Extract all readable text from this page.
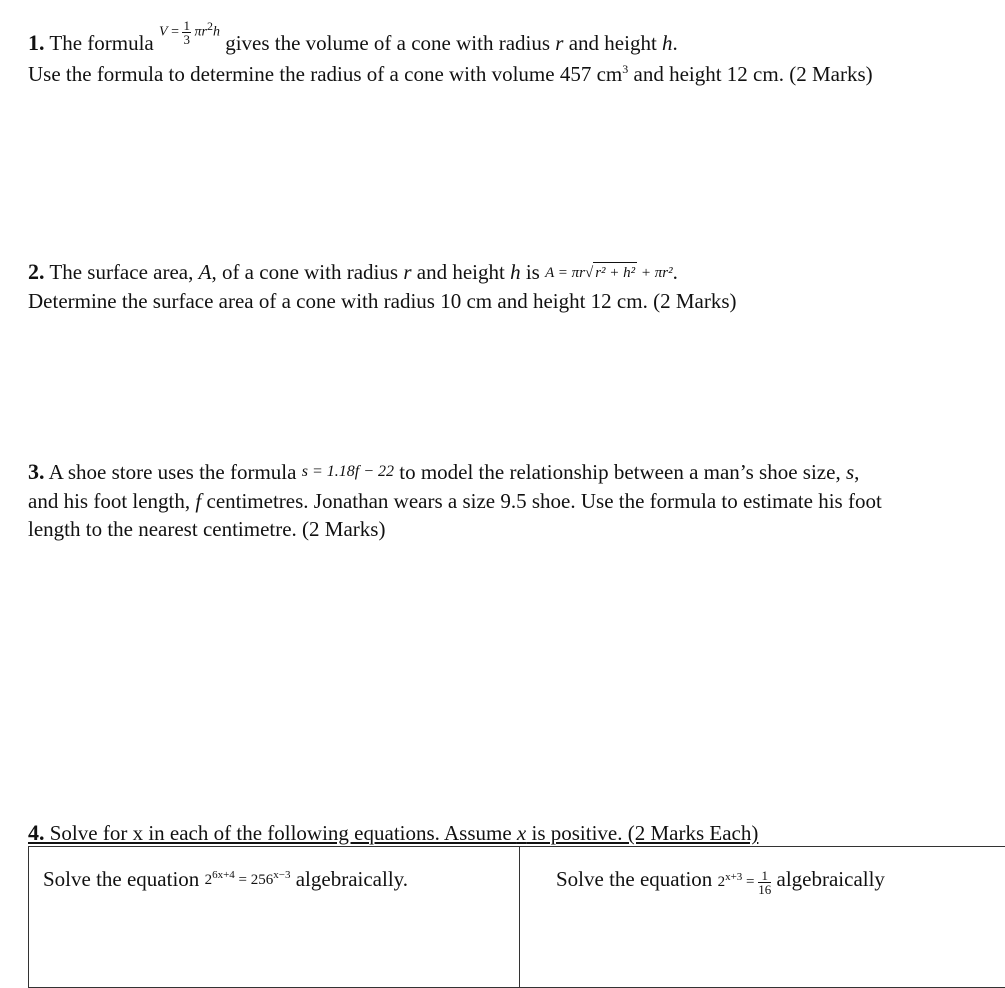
1. The formula $V = \frac{1}{3} \pi r^2h$ gives the volume of a cone with radius r and height h.
Use the formula to determine the radius of a cone with volume 457 $cm^3$ and height 12 cm. (2 Marks)
2. The surface area, A, of a cone with radius r and height h is A = πr√ r² + h² + πr².
Determine the surface area of a cone with radius 10 cm and height 12 cm. (2 Marks)
3. A shoe store uses the formula s = 1.18f − 22 to model the relationship between a man’s shoe size, s,
and his foot length, f centimetres. Jonathan wears a size 9.5 shoe. Use the formula to estimate his foot
length to the nearest centimetre. (2 Marks)
4. Solve for x in each of the following equations. Assume x is positive. (2 Marks Each)
Solve the equation $2^{6x+4} = 256^{x-3}$ algebraically.	Solve the equation $2^{x+3} = \frac{1}{16}$ algebraically
